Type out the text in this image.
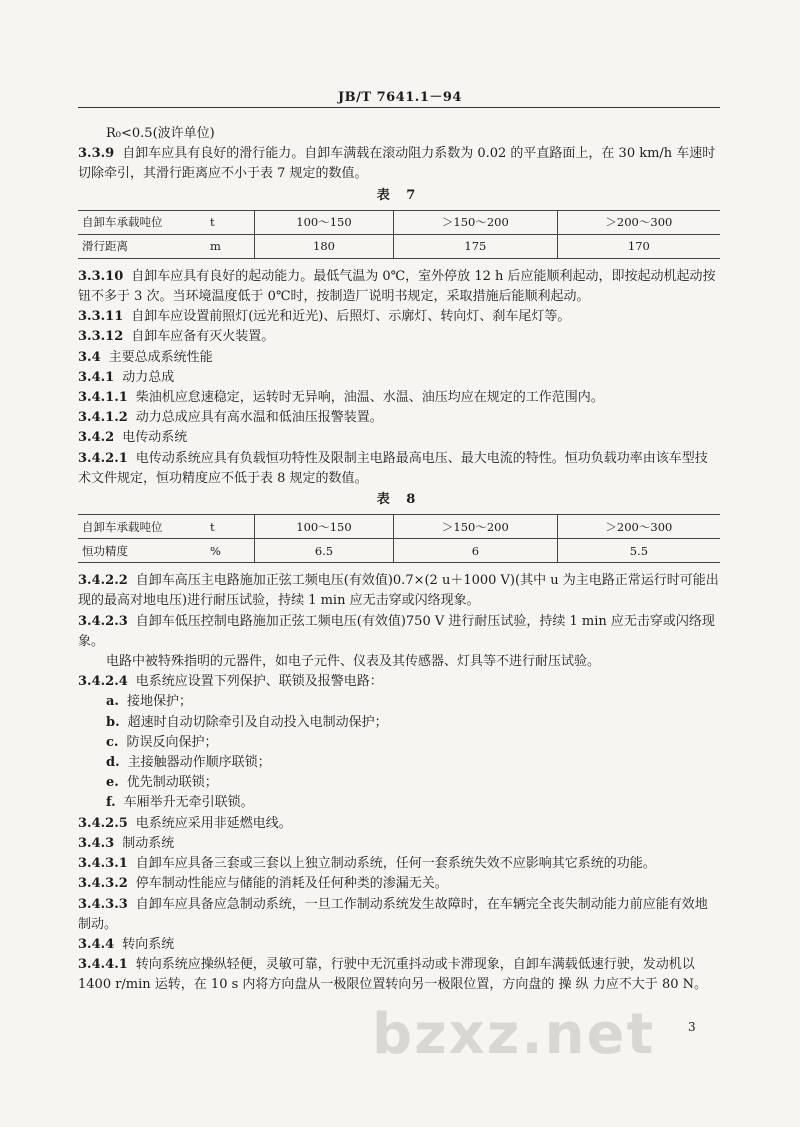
JB/T 7641.1－94

R₀<0.5(波许单位)

3.3.9 自卸车应具有良好的滑行能力。自卸车满载在滚动阻力系数为 0.02 的平直路面上，在 30 km/h 车速时切除牵引，其滑行距离应不小于表 7 规定的数值。

表 7
自卸车承载吨位	t	100～150	＞150～200	＞200～300
滑行距离	m	180	175	170

3.3.10 自卸车应具有良好的起动能力。最低气温为 0℃，室外停放 12 h 后应能顺利起动，即按起动机起动按钮不多于 3 次。当环境温度低于 0℃时，按制造厂说明书规定，采取措施后能顺利起动。

3.3.11 自卸车应设置前照灯(远光和近光)、后照灯、示廓灯、转向灯、刹车尾灯等。

3.3.12 自卸车应备有灭火装置。

3.4 主要总成系统性能

3.4.1 动力总成

3.4.1.1 柴油机应怠速稳定，运转时无异响，油温、水温、油压均应在规定的工作范围内。

3.4.1.2 动力总成应具有高水温和低油压报警装置。

3.4.2 电传动系统

3.4.2.1 电传动系统应具有负载恒功特性及限制主电路最高电压、最大电流的特性。恒功负载功率由该车型技术文件规定，恒功精度应不低于表 8 规定的数值。

表 8
自卸车承载吨位	t	100～150	＞150～200	＞200～300
恒功精度	%	6.5	6	5.5

3.4.2.2 自卸车高压主电路施加正弦工频电压(有效值)0.7×(2 u＋1000 V)(其中 u 为主电路正常运行时可能出现的最高对地电压)进行耐压试验，持续 1 min 应无击穿或闪络现象。

3.4.2.3 自卸车低压控制电路施加正弦工频电压(有效值)750 V 进行耐压试验，持续 1 min 应无击穿或闪络现象。

电路中被特殊指明的元器件，如电子元件、仪表及其传感器、灯具等不进行耐压试验。

3.4.2.4 电系统应设置下列保护、联锁及报警电路：

a. 接地保护；

b. 超速时自动切除牵引及自动投入电制动保护；

c. 防误反向保护；

d. 主接触器动作顺序联锁；

e. 优先制动联锁；

f. 车厢举升无牵引联锁。

3.4.2.5 电系统应采用非延燃电线。

3.4.3 制动系统

3.4.3.1 自卸车应具备三套或三套以上独立制动系统，任何一套系统失效不应影响其它系统的功能。

3.4.3.2 停车制动性能应与储能的消耗及任何种类的渗漏无关。

3.4.3.3 自卸车应具备应急制动系统，一旦工作制动系统发生故障时，在车辆完全丧失制动能力前应能有效地制动。

3.4.4 转向系统

3.4.4.1 转向系统应操纵轻便，灵敏可靠，行驶中无沉重抖动或卡滞现象，自卸车满载低速行驶，发动机以 1400 r/min 运转，在 10 s 内将方向盘从一极限位置转向另一极限位置，方向盘的 操 纵 力应不大于 80 N。

bzxz.net	3
